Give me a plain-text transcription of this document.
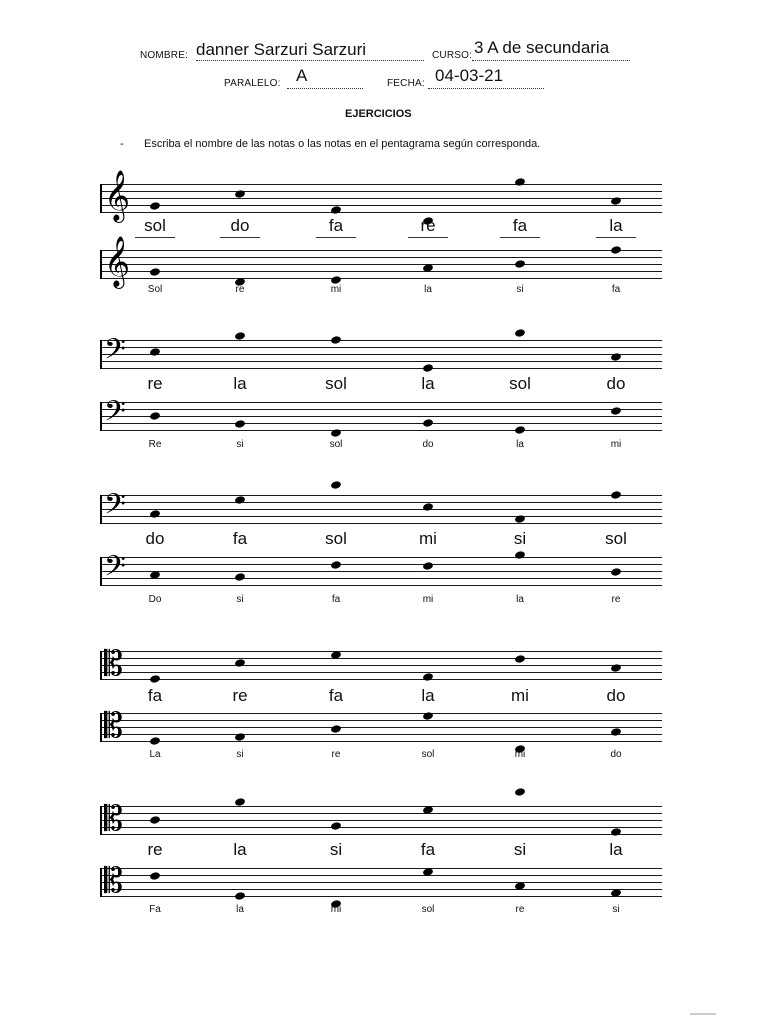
NOMBRE: danner Sarzuri Sarzuri	CURSO: 3 A de secundaria
PARALELO: A	FECHA: 04-03-21
EJERCICIOS
- Escriba el nombre de las notas o las notas en el pentagrama según corresponda.
𝄞
sol	do	fa	re	fa	la
𝄞
Sol	re	mi	la	si	fa
𝄢
re	la	sol	la	sol	do
𝄢
Re	si	sol	do	la	mi
𝄢
do	fa	sol	mi	si	sol
𝄢
Do	si	fa	mi	la	re
𝄡
fa	re	fa	la	mi	do
𝄡
La	si	re	sol	mi	do
𝄡
re	la	si	fa	si	la
𝄡
Fa	la	mi	sol	re	si
